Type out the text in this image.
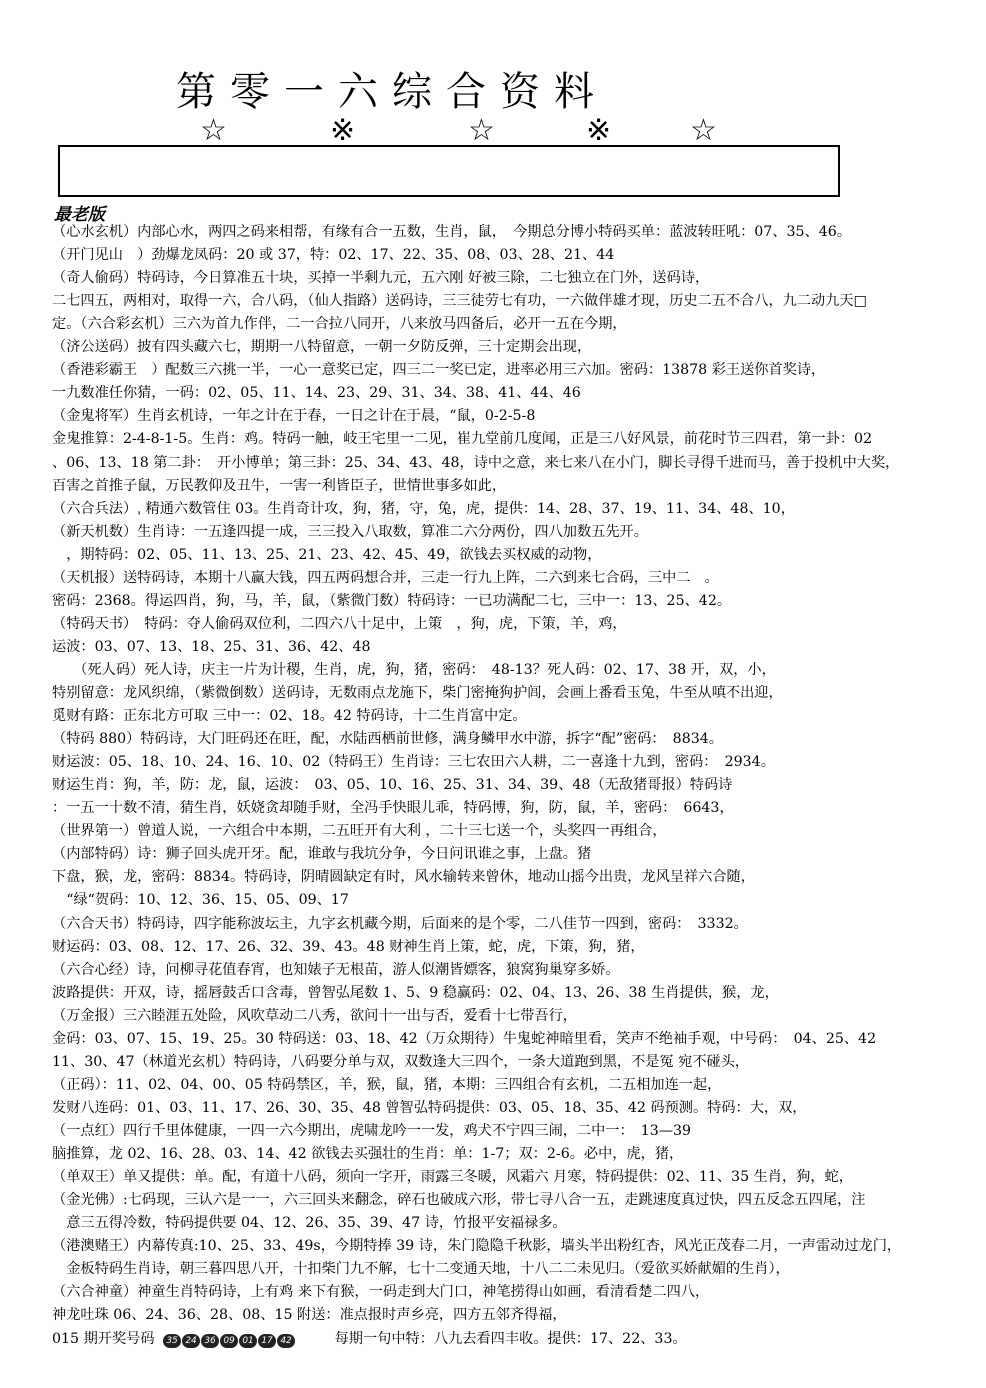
第零一六综合资料
☆	※	☆	※	☆
最老版
（心水玄机）内部心水，两四之码来相帮，有缘有合一五数，生肖，鼠，　今期总分博小特码买单：蓝波转旺吼：07、35、46。
（开门见山　）劲爆龙凤码：20 或 37，特：02、17、22、35、08、03、28、21、44
（奇人偷码）特码诗，今日算准五十块，买掉一半剩九元，五六刚 好被三除，二七独立在门外，送码诗，
二七四五，两相对，取得一六，合八码，（仙人指路）送码诗，三三徒劳七有功，一六做伴雄才现，历史二五不合八，九二动九天□
定。（六合彩玄机）三六为首九作伴，二一合拉八同开，八来放马四备后，必开一五在今期，
（济公送码）披有四头藏六七，期期一八特留意，一朝一夕防反弹，三十定期会出现，
（香港彩霸王　）配数三六挑一半，一心一意奖已定，四三二一奖已定，进率必用三六加。密码：13878 彩王送你首奖诗，
一九数准任你猜，一码：02、05、11、14、23、29、31、34、38、41、44、46
（金鬼将军）生肖玄机诗，一年之计在于春，一日之计在于晨，“鼠，0-2-5-8
金鬼推算：2-4-8-1-5。生肖：鸡。特码一触，岐王宅里一二见，崔九堂前几度闻，正是三八好风景，前花时节三四君，第一卦：02
、06、13、18 第二卦：　开小博单；第三卦：25、34、43、48，诗中之意，来七来八在小门，脚长寻得千进而马，善于投机中大奖，
百害之首推子鼠，万民教仰及丑牛，一害一利皆臣子，世情世事多如此，
（六合兵法）ˌ 精通六数管住 03。生肖奇计攻，狗，猪，守，兔，虎，提供：14、28、37、19、11、34、48、10，
（新天机数）生肖诗：一五逢四提一成，三三投入八取数，算准二六分两份，四八加数五先开。
　，期特码：02、05、11、13、25、21、23、42、45、49，欲钱去买权威的动物，
（天机报）送特码诗，本期十八赢大钱，四五两码想合并，三走一行九上阵，二六到来七合码，三中二　。
密码：2368。得运四肖，狗，马，羊，鼠，（紫微门数）特码诗：一已功满配二七，三中一：13、25、42。
（特码天书）　特码：夺人偷码双位利，二四六八十足中，上策　，狗，虎，下策，羊，鸡，
运波：03、07、13、18、25、31、36、42、48
　　（死人码）死人诗，庆主一片为计稷，生肖，虎，狗，猪，密码：　48-13？死人码：02、17、38 开，双，小，
特别留意：龙风织绵，（紫微倒数）送码诗，无数雨点龙施下，柴门密掩狗护闾，会画上番看玉兔，牛至从嗔不出迎，
觅财有路：正东北方可取 三中一：02、18。42 特码诗，十二生肖富中定。
（特码 880）特码诗，大门旺码还在旺，配，水陆西栖前世修，满身鳞甲水中游，拆字“配”密码：　8834。
财运波：05、18、10、24、16、10、02（特码王）生肖诗：三七农田六人耕，二一喜逢十九到，密码：　2934。
财运生肖：狗，羊，防：龙，鼠，运波：　03、05、10、16、25、31、34、39、48（无敌猪哥报）特码诗
：一五一十数不清，猜生肖，妖娆贪却随手财，全冯手快眼儿乖，特码博，狗，防，鼠，羊，密码：　6643，
（世界第一）曾道人说，一六组合中本期，二五旺开有大利 ，二十三七送一个，头奖四一再组合，
（内部特码）诗：狮子回头虎开牙。配，谁敢与我坑分争，今日问讯谁之事，上盘。猪
下盘，猴，龙，密码：8834。特码诗，阴晴圆缺定有时，风水输转来曾休，地动山摇今出贵，龙风呈祥六合随，
　“绿“贺码：10、12、36、15、05、09、17
（六合天书）特码诗，四字能称波坛主，九字玄机藏今期，后面来的是个零，二八佳节一四到，密码：　3332。
财运码：03、08、12、17、26、32、39、43。48 财神生肖上策，蛇，虎，下策，狗，猪，
（六合心经）诗，问柳寻花值春宵，也知婊子无根苗，游人似潮皆嫖客，狼窝狗巢穿多娇。
波路提供：开双，诗，摇唇鼓舌口含毒，曾智弘尾数 1、5、9 稳赢码：02、04、13、26、38 生肖提供，猴，龙，
（万金报）三六睦涯五处险，风吹草动二八秀，欲问十一出与否，爱看十七带吾行，
金码：03、07、15、19、25。30 特码送：03、18、42（万众期待）牛鬼蛇神暗里看，笑声不绝袖手观，中号码：　04、25、42
11、30、47（林道光玄机）特码诗，八码要分单与双，双数逢大三四个，一条大道跑到黑，不是冤 宛不碰头，
（正码）：11、02、04、00、05 特码禁区，羊，猴，鼠，猪，本期：三四组合有玄机，二五相加连一起，
发财八连码：01、03、11、17、26、30、35、48 曾智弘特码提供：03、05、18、35、42 码预测。特码：大，双，
（一点红）四行千里体健康，一四一六今期出，虎啸龙吟一一发，鸡犬不宁四三闹，二中一：　13—39
脑推算，龙 02、16、28、03、14、42 欲钱去买强壮的生肖：单：1-7；双：2-6。必中，虎，猪，
（单双王）单又提供：单。配，有道十八码，须向一字开，雨露三冬暖，风霜六 月寒，特码提供：02、11、35 生肖，狗，蛇，
（金光佛）:七码现，三认六是一一，六三回头来翻念，碎石也破成六形，带七寻八合一五，走跳速度真过快，四五反念五四尾，注
　意三五得冷数，特码提供要 04、12、26、35、39、47 诗，竹报平安福禄多。
（港澳赌王）内幕传真:10、25、33、49s，今期特捧 39 诗，朱门隐隐千秋影，墙头半出粉红杏，风光正茂春二月，一声雷动过龙门，
　金板特码生肖诗，朝三暮四思八开，十扣柴门九不解，七十二变通天地，十八二二未见归。（爱欲买娇献媚的生肖），
（六合神童）神童生肖特码诗，上有鸡 来下有猴，一码走到大门口，神笔捞得山如画，看清看楚二四八，
神龙吐珠 06、24、36、28、08、15 附送：准点报时声乡亮，四方五邻齐得福，
015 期开奖号码 35 24 36 09 01 17 42	每期一句中特：八九去看四丰收。提供：17、22、33。
